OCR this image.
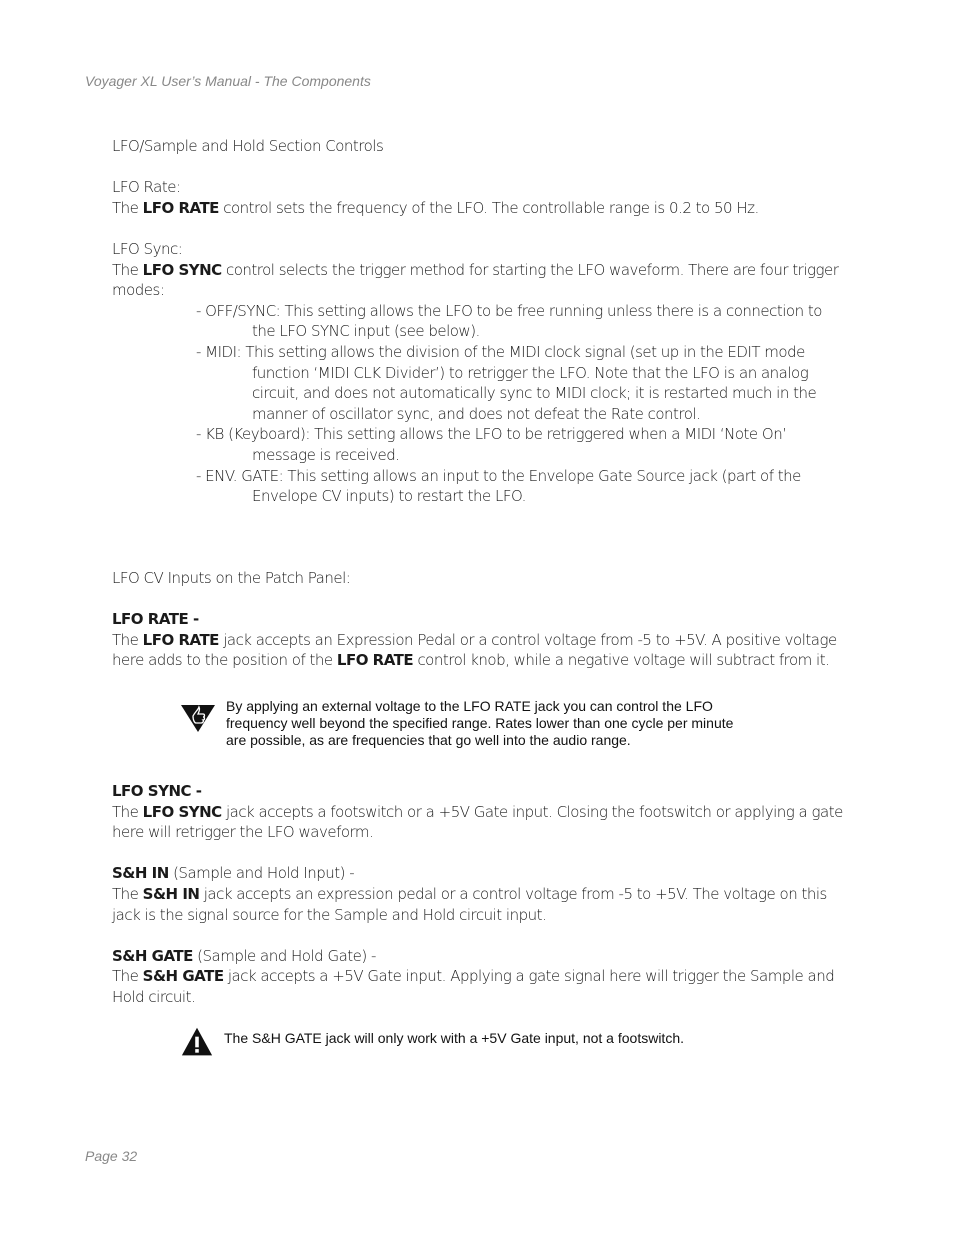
Voyager XL User’s Manual - The Components

LFO/Sample and Hold Section Controls

LFO Rate:

The LFO RATE control sets the frequency of the LFO. The controllable range is 0.2 to 50 Hz.

LFO Sync:

The LFO SYNC control selects the trigger method for starting the LFO waveform. There are four trigger modes:

- OFF/SYNC: This setting allows the LFO to be free running unless there is a connection to the LFO SYNC input (see below).

- MIDI: This setting allows the division of the MIDI clock signal (set up in the EDIT mode function ‘MIDI CLK Divider’) to retrigger the LFO. Note that the LFO is an analog circuit, and does not automatically sync to MIDI clock; it is restarted much in the manner of oscillator sync, and does not defeat the Rate control.

- KB (Keyboard): This setting allows the LFO to be retriggered when a MIDI ‘Note On’ message is received.

- ENV. GATE: This setting allows an input to the Envelope Gate Source jack (part of the Envelope CV inputs) to restart the LFO.

LFO CV Inputs on the Patch Panel:

LFO RATE -

The LFO RATE jack accepts an Expression Pedal or a control voltage from -5 to +5V. A positive voltage here adds to the position of the LFO RATE control knob, while a negative voltage will subtract from it.

By applying an external voltage to the LFO RATE jack you can control the LFO frequency well beyond the specified range. Rates lower than one cycle per minute are possible, as are frequencies that go well into the audio range.

LFO SYNC -

The LFO SYNC jack accepts a footswitch or a +5V Gate input. Closing the footswitch or applying a gate here will retrigger the LFO waveform.

S&H IN (Sample and Hold Input) -

The S&H IN jack accepts an expression pedal or a control voltage from -5 to +5V. The voltage on this jack is the signal source for the Sample and Hold circuit input.

S&H GATE (Sample and Hold Gate) -

The S&H GATE jack accepts a +5V Gate input. Applying a gate signal here will trigger the Sample and Hold circuit.

The S&H GATE jack will only work with a +5V Gate input, not a footswitch.
Page 32
